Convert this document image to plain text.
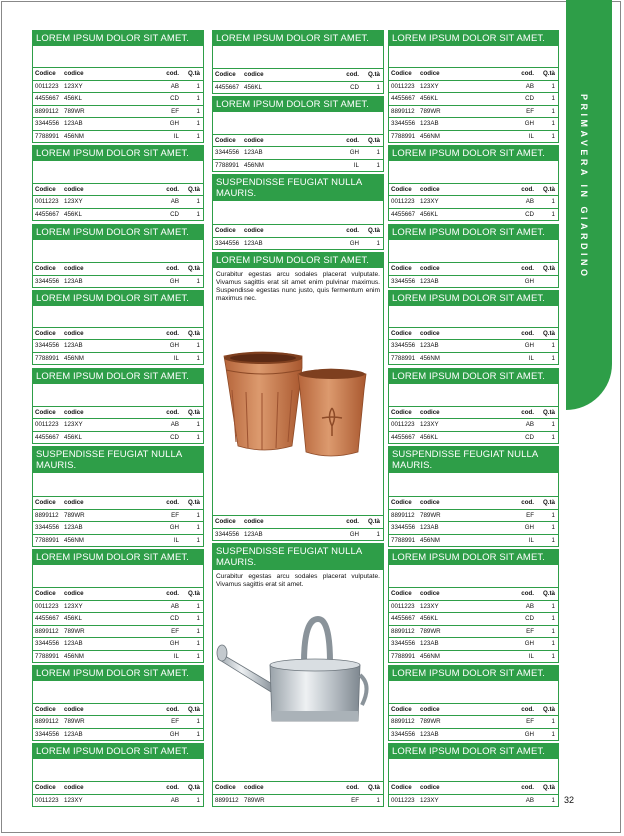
PRIMAVERA IN GIARDINO
LOREM IPSUM DOLOR SIT AMET.
Codice codice	cod. Q.tà
0011223 123XY	AB	1
4455667 456KL	CD	1
8899112 789WR	EF	1
3344556 123AB	GH	1
7788991 456NM	IL	1
LOREM IPSUM DOLOR SIT AMET.
Codice codice	cod. Q.tà
0011223 123XY	AB	1
4455667 456KL	CD	1
LOREM IPSUM DOLOR SIT AMET.
Codice codice	cod. Q.tà
3344556 123AB	GH	1
LOREM IPSUM DOLOR SIT AMET.
Codice codice	cod. Q.tà
3344556 123AB	GH	1
7788991 456NM	IL	1
LOREM IPSUM DOLOR SIT AMET.
Codice codice	cod. Q.tà
0011223 123XY	AB	1
4455667 456KL	CD	1
SUSPENDISSE FEUGIAT NULLA MAURIS.
Codice codice	cod. Q.tà
8899112 789WR	EF	1
3344556 123AB	GH	1
7788991 456NM	IL	1
LOREM IPSUM DOLOR SIT AMET.
Codice codice	cod. Q.tà
0011223 123XY	AB	1
4455667 456KL	CD	1
8899112 789WR	EF	1
3344556 123AB	GH	1
7788991 456NM	IL	1
LOREM IPSUM DOLOR SIT AMET.
Codice codice	cod. Q.tà
8899112 789WR	EF	1
3344556 123AB	GH	1
LOREM IPSUM DOLOR SIT AMET.
Codice codice	cod. Q.tà
0011223 123XY	AB	1
LOREM IPSUM DOLOR SIT AMET.
Codice codice	cod. Q.tà
4455667 456KL	CD	1
LOREM IPSUM DOLOR SIT AMET.
Codice codice	cod. Q.tà
3344556 123AB	GH	1
7788991 456NM	IL	1
SUSPENDISSE FEUGIAT NULLA MAURIS.
Codice codice	cod. Q.tà
3344556 123AB	GH	1
LOREM IPSUM DOLOR SIT AMET.
Curabitur egestas arcu sodales placerat vulputate. Vivamus sagittis erat sit amet enim pulvinar maximus. Suspendisse egestas nunc justo, quis fermentum enim maximus nec.
Codice codice	cod. Q.tà
3344556 123AB	GH	1
SUSPENDISSE FEUGIAT NULLA MAURIS.
Curabitur egestas arcu sodales placerat vulputate. Vivamus sagittis erat sit amet.
Codice codice	cod. Q.tà
8899112 789WR	EF	1
LOREM IPSUM DOLOR SIT AMET.
Codice codice	cod. Q.tà
0011223 123XY	AB	1
4455667 456KL	CD	1
8899112 789WR	EF	1
3344556 123AB	GH	1
7788991 456NM	IL	1
LOREM IPSUM DOLOR SIT AMET.
Codice codice	cod. Q.tà
0011223 123XY	AB	1
4455667 456KL	CD	1
LOREM IPSUM DOLOR SIT AMET.
Codice codice	cod. Q.tà
3344556 123AB	GH
LOREM IPSUM DOLOR SIT AMET.
Codice codice	cod. Q.tà
3344556 123AB	GH	1
7788991 456NM	IL	1
LOREM IPSUM DOLOR SIT AMET.
Codice codice	cod. Q.tà
0011223 123XY	AB	1
4455667 456KL	CD	1
SUSPENDISSE FEUGIAT NULLA MAURIS.
Codice codice	cod. Q.tà
8899112 789WR	EF	1
3344556 123AB	GH	1
7788991 456NM	IL	1
LOREM IPSUM DOLOR SIT AMET.
Codice codice	cod. Q.tà
0011223 123XY	AB	1
4455667 456KL	CD	1
8899112 789WR	EF	1
3344556 123AB	GH	1
7788991 456NM	IL	1
LOREM IPSUM DOLOR SIT AMET.
Codice codice	cod. Q.tà
8899112 789WR	EF	1
3344556 123AB	GH	1
LOREM IPSUM DOLOR SIT AMET.
Codice codice	cod. Q.tà
0011223 123XY	AB	1 32
